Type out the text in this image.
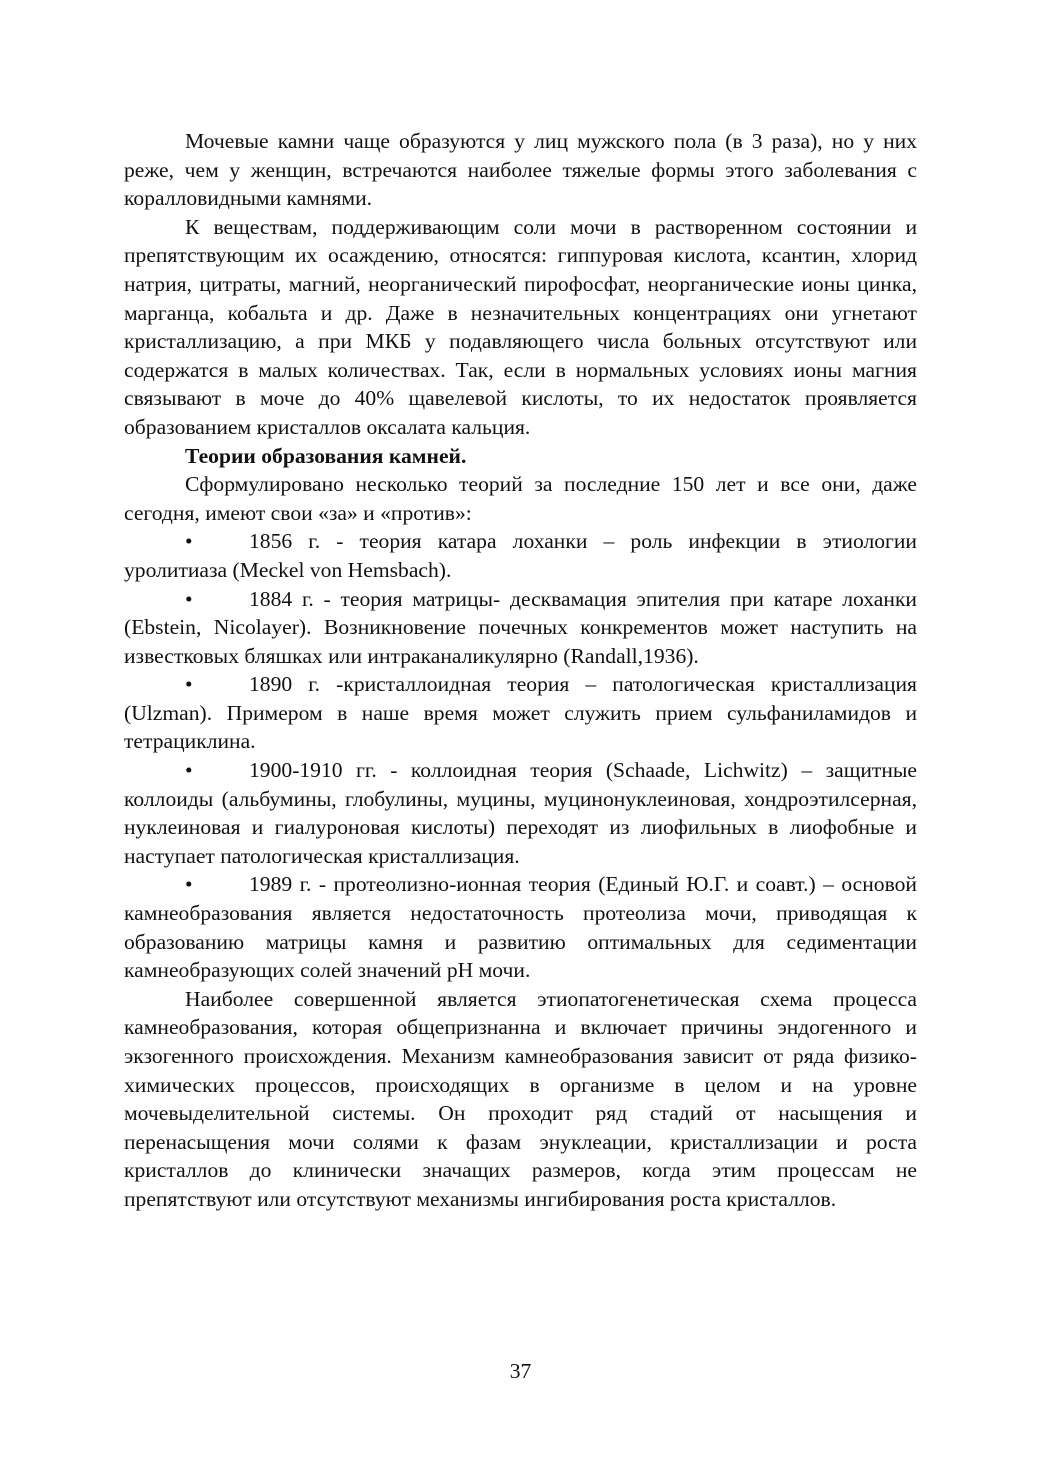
Мочевые камни чаще образуются у лиц мужского пола (в 3 раза), но у них реже, чем у женщин, встречаются наиболее тяжелые формы этого заболевания с коралловидными камнями.

К веществам, поддерживающим соли мочи в растворенном состоянии и препятствующим их осаждению, относятся: гиппуровая кислота, ксантин, хлорид натрия, цитраты, магний, неорганический пирофосфат, неорганические ионы цинка, марганца, кобальта и др. Даже в незначительных концентрациях они угнетают кристаллизацию, а при МКБ у подавляющего числа больных отсутствуют или содержатся в малых количествах. Так, если в нормальных условиях ионы магния связывают в моче до 40% щавелевой кислоты, то их недостаток проявляется образованием кристаллов оксалата кальция.

Теории образования камней.

Сформулировано несколько теорий за последние 150 лет и все они, даже сегодня, имеют свои «за» и «против»:

•	1856 г. - теория катара лоханки – роль инфекции в этиологии уролитиаза (Meckel von Hemsbach).

•	1884 г. - теория матрицы- десквамация эпителия при катаре лоханки (Ebstein, Nicolayer). Возникновение почечных конкрементов может наступить на известковых бляшках или интраканаликулярно (Randall,1936).

•	1890 г. -кристаллоидная теория – патологическая кристаллизация (Ulzman). Примером в наше время может служить прием сульфаниламидов и тетрациклина.

•	1900-1910 гг. - коллоидная теория (Schaade, Lichwitz) – защитные коллоиды (альбумины, глобулины, муцины, муцинонуклеиновая, хондроэтилсерная, нуклеиновая и гиалуроновая кислоты) переходят из лиофильных в лиофобные и наступает патологическая кристаллизация.

•	1989 г. - протеолизно-ионная теория (Единый Ю.Г. и соавт.) – основой камнеобразования является недостаточность протеолиза мочи, приводящая к образованию матрицы камня и развитию оптимальных для седиментации камнеобразующих солей значений рН мочи.

Наиболее совершенной является этиопатогенетическая схема процесса камнеобразования, которая общепризнанна и включает причины эндогенного и экзогенного происхождения. Механизм камнеобразования зависит от ряда физико-химических процессов, происходящих в организме в целом и на уровне мочевыделительной системы. Он проходит ряд стадий от насыщения и перенасыщения мочи солями к фазам энуклеации, кристаллизации и роста кристаллов до клинически значащих размеров, когда этим процессам не препятствуют или отсутствуют механизмы ингибирования роста кристаллов.

37
